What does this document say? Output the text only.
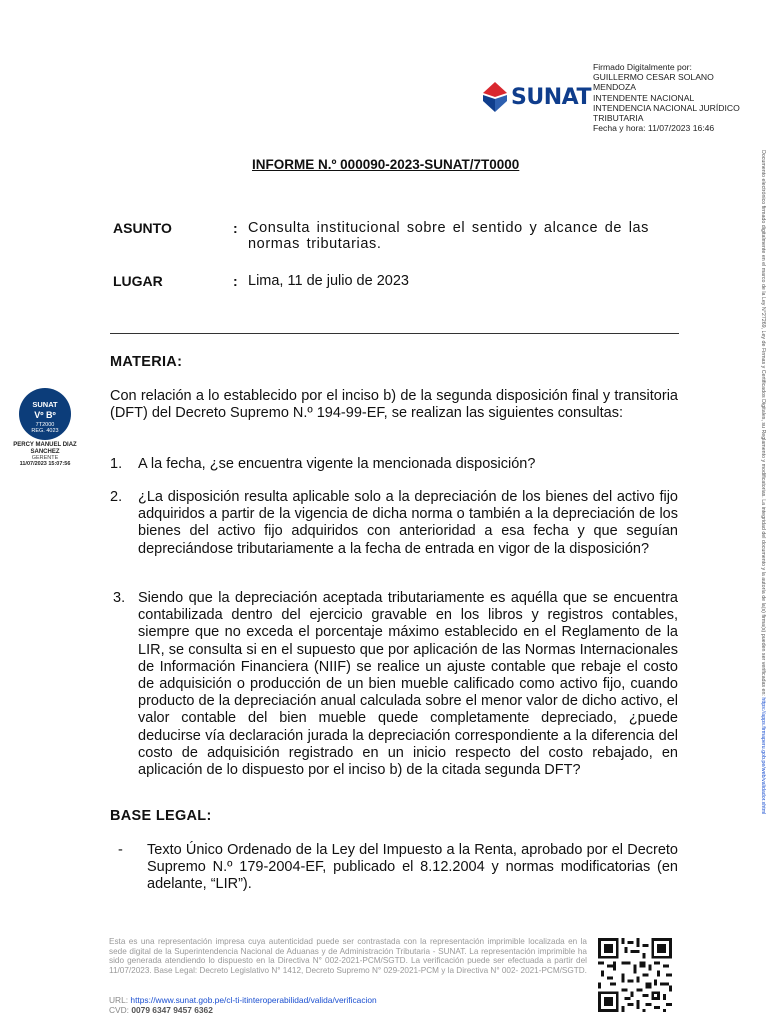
SUNAT
Firmado Digitalmente por:
GUILLERMO CESAR SOLANO
MENDOZA
INTENDENTE NACIONAL
INTENDENCIA NACIONAL JURÍDICO
TRIBUTARIA
Fecha y hora: 11/07/2023 16:46
Documento electrónico firmado digitalmente en el marco de la Ley N°27269, Ley de Firmas y Certificados Digitales, su Reglamento y modificatorias. La integridad del documento y la autoría de la(s) firma(s) pueden ser verificadas en: https://apps.firmaperu.gob.pe/web/validador.xhtml
INFORME N.º 000090-2023-SUNAT/7T0000
ASUNTO	: Consulta institucional sobre el sentido y alcance de las
normas tributarias.
LUGAR	: Lima, 11 de julio de 2023
MATERIA:
Con relación a lo establecido por el inciso b) de la segunda disposición final y transitoria (DFT) del Decreto Supremo N.º 194-99-EF, se realizan las siguientes consultas:
1. A la fecha, ¿se encuentra vigente la mencionada disposición?
2. ¿La disposición resulta aplicable solo a la depreciación de los bienes del activo fijo adquiridos a partir de la vigencia de dicha norma o también a la depreciación de los bienes del activo fijo adquiridos con anterioridad a esa fecha y que seguían depreciándose tributariamente a la fecha de entrada en vigor de la disposición?
3. Siendo que la depreciación aceptada tributariamente es aquélla que se encuentra contabilizada dentro del ejercicio gravable en los libros y registros contables, siempre que no exceda el porcentaje máximo establecido en el Reglamento de la LIR, se consulta si en el supuesto que por aplicación de las Normas Internacionales de Información Financiera (NIIF) se realice un ajuste contable que rebaje el costo de adquisición o producción de un bien mueble calificado como activo fijo, cuando producto de la depreciación anual calculada sobre el menor valor de dicho activo, el valor contable del bien mueble quede completamente depreciado, ¿puede deducirse vía declaración jurada la depreciación correspondiente a la diferencia del costo de adquisición registrado en un inicio respecto del costo rebajado, en aplicación de lo dispuesto por el inciso b) de la citada segunda DFT?
BASE LEGAL:
- Texto Único Ordenado de la Ley del Impuesto a la Renta, aprobado por el Decreto Supremo N.º 179-2004-EF, publicado el 8.12.2004 y normas modificatorias (en adelante, “LIR”).
SUNAT
Vº Bº
7T2000
REG. 4023
PERCY MANUEL DIAZ SANCHEZ
GERENTE
11/07/2023 15:07:56
Esta es una representación impresa cuya autenticidad puede ser contrastada con la representación imprimible localizada en la sede digital de la Superintendencia Nacional de Aduanas y de Administración Tributaria - SUNAT. La representación imprimible ha sido generada atendiendo lo dispuesto en la Directiva N° 002-2021-PCM/SGTD. La verificación puede ser efectuada a partir del 11/07/2023. Base Legal: Decreto Legislativo N° 1412, Decreto Supremo N° 029-2021-PCM y la Directiva N° 002- 2021-PCM/SGTD.
URL: https://www.sunat.gob.pe/cl-ti-itinteroperabilidad/valida/verificacion
CVD: 0079 6347 9457 6362
